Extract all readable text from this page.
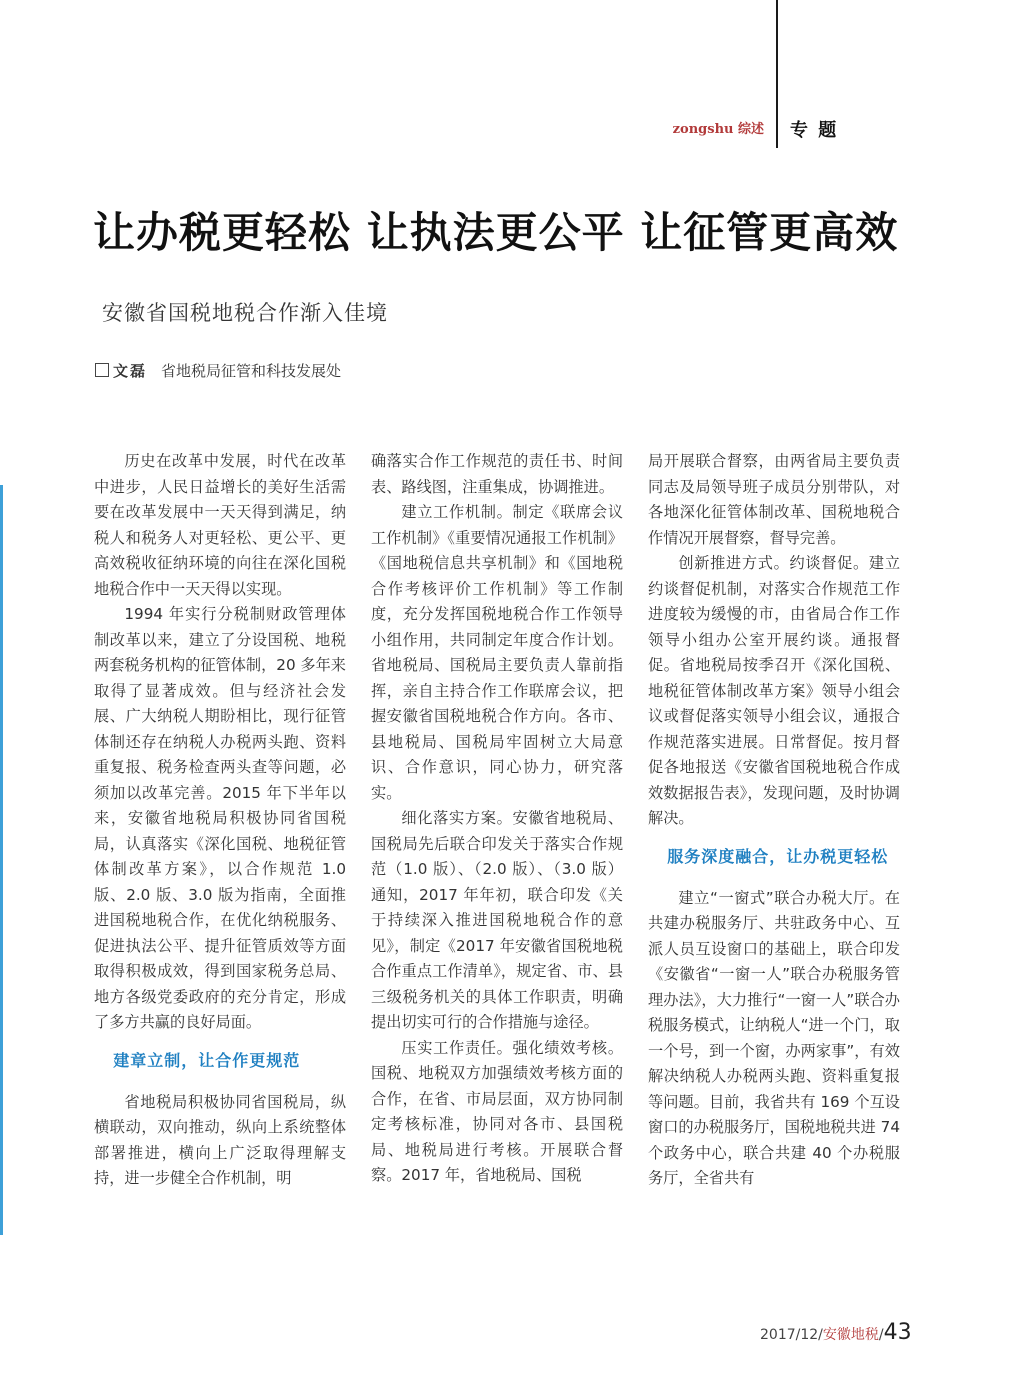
zongshu 综述 专 题
让办税更轻松 让执法更公平 让征管更高效
安徽省国税地税合作渐入佳境
文磊 省地税局征管和科技发展处

历史在改革中发展，时代在改革中进步，人民日益增长的美好生活需要在改革发展中一天天得到满足，纳税人和税务人对更轻松、更公平、更高效税收征纳环境的向往在深化国税地税合作中一天天得以实现。

1994 年实行分税制财政管理体制改革以来，建立了分设国税、地税两套税务机构的征管体制，20 多年来取得了显著成效。但与经济社会发展、广大纳税人期盼相比，现行征管体制还存在纳税人办税两头跑、资料重复报、税务检查两头查等问题，必须加以改革完善。2015 年下半年以来，安徽省地税局积极协同省国税局，认真落实《深化国税、地税征管体制改革方案》，以合作规范 1.0 版、2.0 版、3.0 版为指南，全面推进国税地税合作，在优化纳税服务、促进执法公平、提升征管质效等方面取得积极成效，得到国家税务总局、地方各级党委政府的充分肯定，形成了多方共赢的良好局面。

建章立制，让合作更规范

省地税局积极协同省国税局，纵横联动，双向推动，纵向上系统整体部署推进，横向上广泛取得理解支持，进一步健全合作机制，明

确落实合作工作规范的责任书、时间表、路线图，注重集成，协调推进。

建立工作机制。制定《联席会议工作机制》《重要情况通报工作机制》《国地税信息共享机制》和《国地税合作考核评价工作机制》等工作制度，充分发挥国税地税合作工作领导小组作用，共同制定年度合作计划。省地税局、国税局主要负责人靠前指挥，亲自主持合作工作联席会议，把握安徽省国税地税合作方向。各市、县地税局、国税局牢固树立大局意识、合作意识，同心协力，研究落实。

细化落实方案。安徽省地税局、国税局先后联合印发关于落实合作规范（1.0 版）、（2.0 版）、（3.0 版）通知，2017 年年初，联合印发《关于持续深入推进国税地税合作的意见》，制定《2017 年安徽省国税地税合作重点工作清单》，规定省、市、县三级税务机关的具体工作职责，明确提出切实可行的合作措施与途径。

压实工作责任。强化绩效考核。国税、地税双方加强绩效考核方面的合作，在省、市局层面，双方协同制定考核标准，协同对各市、县国税局、地税局进行考核。开展联合督察。2017 年，省地税局、国税

局开展联合督察，由两省局主要负责同志及局领导班子成员分别带队，对各地深化征管体制改革、国税地税合作情况开展督察，督导完善。

创新推进方式。约谈督促。建立约谈督促机制，对落实合作规范工作进度较为缓慢的市，由省局合作工作领导小组办公室开展约谈。通报督促。省地税局按季召开《深化国税、地税征管体制改革方案》领导小组会议或督促落实领导小组会议，通报合作规范落实进展。日常督促。按月督促各地报送《安徽省国税地税合作成效数据报告表》，发现问题，及时协调解决。

服务深度融合，让办税更轻松

建立“一窗式”联合办税大厅。在共建办税服务厅、共驻政务中心、互派人员互设窗口的基础上，联合印发《安徽省“一窗一人”联合办税服务管理办法》，大力推行“一窗一人”联合办税服务模式，让纳税人“进一个门，取一个号，到一个窗，办两家事”，有效解决纳税人办税两头跑、资料重复报等问题。目前，我省共有 169 个互设窗口的办税服务厅，国税地税共进 74 个政务中心，联合共建 40 个办税服务厅，全省共有

2017/12/安徽地税/43
